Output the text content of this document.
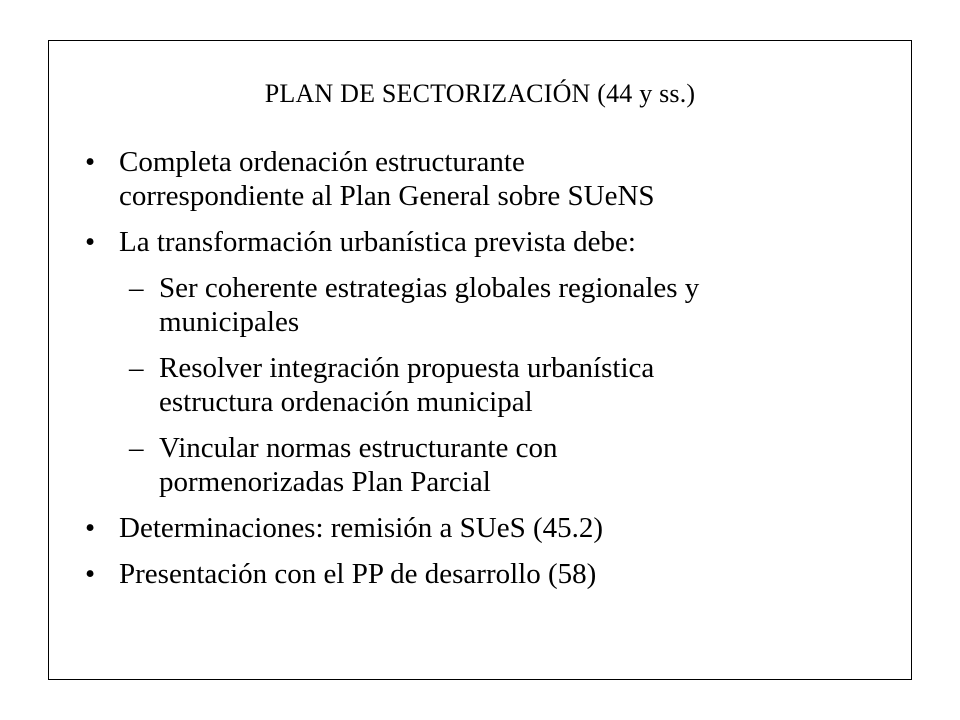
PLAN DE SECTORIZACIÓN (44 y ss.)
• Completa ordenación estructurante
correspondiente al Plan General sobre SUeNS
• La transformación urbanística prevista debe:
– Ser coherente estrategias globales regionales y
municipales
– Resolver integración propuesta urbanística
estructura ordenación municipal
– Vincular normas estructurante con
pormenorizadas Plan Parcial
• Determinaciones: remisión a SUeS (45.2)
• Presentación con el PP de desarrollo (58)
